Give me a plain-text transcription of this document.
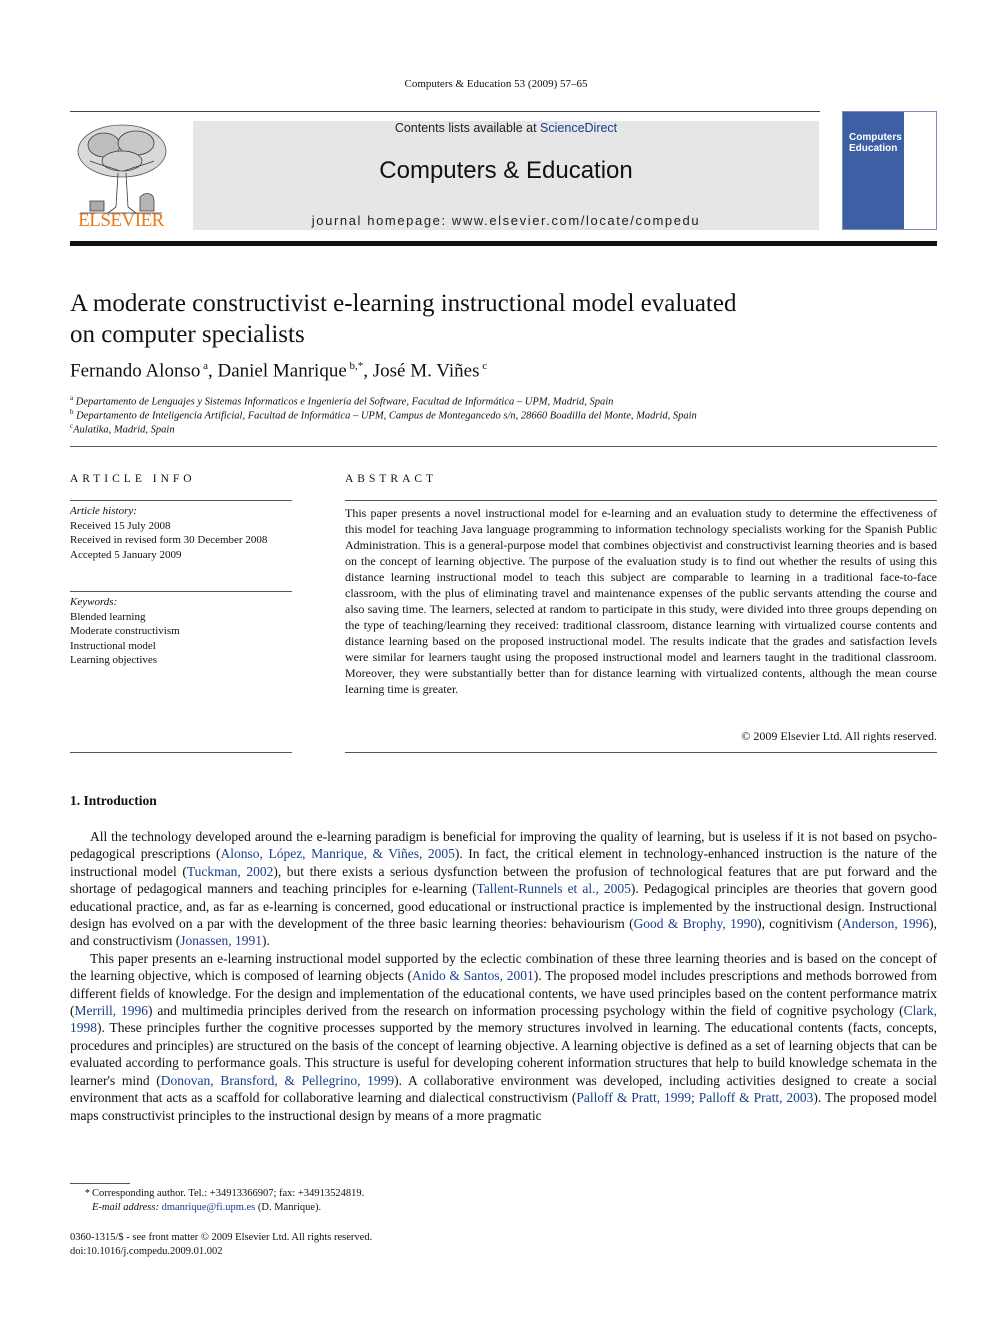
Computers & Education 53 (2009) 57–65
ELSEVIER
Contents lists available at ScienceDirect
Computers & Education
journal homepage: www.elsevier.com/locate/compedu
Computers
Education
A moderate constructivist e-learning instructional model evaluated
on computer specialists
Fernando Alonso $^a$, Daniel Manrique $^{b,*}$, José M. Viñes $^c$
$^a$ Departamento de Lenguajes y Sistemas Informaticos e Ingeniería del Software, Facultad de Informática – UPM, Madrid, Spain
$^b$ Departamento de Inteligencia Artificial, Facultad de Informática – UPM, Campus de Montegancedo s/n, 28660 Boadilla del Monte, Madrid, Spain
$^c$Aulatika, Madrid, Spain
ARTICLE INFO
Article history:
Received 15 July 2008
Received in revised form 30 December 2008
Accepted 5 January 2009
Keywords:
Blended learning
Moderate constructivism
Instructional model
Learning objectives
ABSTRACT
This paper presents a novel instructional model for e-learning and an evaluation study to determine the effectiveness of this model for teaching Java language programming to information technology specialists working for the Spanish Public Administration. This is a general-purpose model that combines objectivist and constructivist learning theories and is based on the concept of learning objective. The purpose of the evaluation study is to find out whether the results of using this distance learning instructional model to teach this subject are comparable to learning in a traditional face-to-face classroom, with the plus of eliminating travel and maintenance expenses of the public servants attending the course and also saving time. The learners, selected at random to participate in this study, were divided into three groups depending on the type of teaching/learning they received: traditional classroom, distance learning with virtualized course contents and distance learning based on the proposed instructional model. The results indicate that the grades and satisfaction levels were similar for learners taught using the proposed instructional model and learners taught in the traditional classroom. Moreover, they were substantially better than for distance learning with virtualized contents, although the mean course learning time is greater.
© 2009 Elsevier Ltd. All rights reserved.
1. Introduction

All the technology developed around the e-learning paradigm is beneficial for improving the quality of learning, but is useless if it is not based on psycho-pedagogical prescriptions (Alonso, López, Manrique, & Viñes, 2005). In fact, the critical element in technology-enhanced instruction is the nature of the instructional model (Tuckman, 2002), but there exists a serious dysfunction between the profusion of technological features that are put forward and the shortage of pedagogical manners and teaching principles for e-learning (Tallent-Runnels et al., 2005). Pedagogical principles are theories that govern good educational practice, and, as far as e-learning is concerned, good educational or instructional practice is implemented by the instructional design. Instructional design has evolved on a par with the development of the three basic learning theories: behaviourism (Good & Brophy, 1990), cognitivism (Anderson, 1996), and constructivism (Jonassen, 1991).

This paper presents an e-learning instructional model supported by the eclectic combination of these three learning theories and is based on the concept of the learning objective, which is composed of learning objects (Anido & Santos, 2001). The proposed model includes prescriptions and methods borrowed from different fields of knowledge. For the design and implementation of the educational contents, we have used principles based on the content performance matrix (Merrill, 1996) and multimedia principles derived from the research on information processing psychology within the field of cognitive psychology (Clark, 1998). These principles further the cognitive processes supported by the memory structures involved in learning. The educational contents (facts, concepts, procedures and principles) are structured on the basis of the concept of learning objective. A learning objective is defined as a set of learning objects that can be evaluated according to performance goals. This structure is useful for developing coherent information structures that help to build knowledge schemata in the learner's mind (Donovan, Bransford, & Pellegrino, 1999). A collaborative environment was developed, including activities designed to create a social environment that acts as a scaffold for collaborative learning and dialectical constructivism (Palloff & Pratt, 1999; Palloff & Pratt, 2003). The proposed model maps constructivist principles to the instructional design by means of a more pragmatic

* Corresponding author. Tel.: +34913366907; fax: +34913524819.
E-mail address: dmanrique@fi.upm.es (D. Manrique).
0360-1315/$ - see front matter © 2009 Elsevier Ltd. All rights reserved.
doi:10.1016/j.compedu.2009.01.002
